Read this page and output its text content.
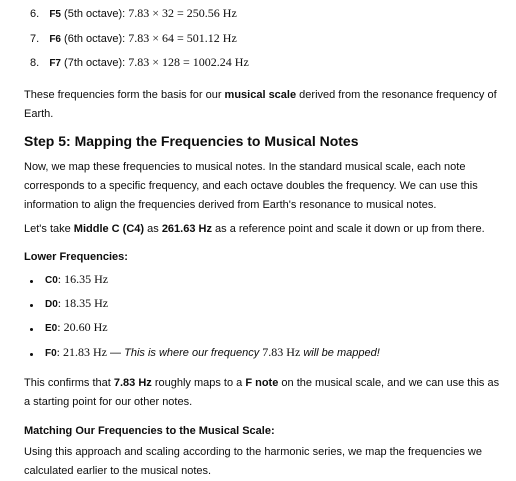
6. F5 (5th octave): 7.83 × 32 = 250.56 Hz
7. F6 (6th octave): 7.83 × 64 = 501.12 Hz
8. F7 (7th octave): 7.83 × 128 = 1002.24 Hz
These frequencies form the basis for our musical scale derived from the resonance frequency of
Earth.
Step 5: Mapping the Frequencies to Musical Notes
Now, we map these frequencies to musical notes. In the standard musical scale, each note
corresponds to a specific frequency, and each octave doubles the frequency. We can use this
information to align the frequencies derived from Earth's resonance to musical notes.
Let's take Middle C (C4) as 261.63 Hz as a reference point and scale it down or up from there.
Lower Frequencies:
C0: 16.35 Hz
D0: 18.35 Hz
E0: 20.60 Hz
F0: 21.83 Hz — This is where our frequency 7.83 Hz will be mapped!
This confirms that 7.83 Hz roughly maps to a F note on the musical scale, and we can use this as
a starting point for our other notes.
Matching Our Frequencies to the Musical Scale:
Using this approach and scaling according to the harmonic series, we map the frequencies we
calculated earlier to the musical notes.
